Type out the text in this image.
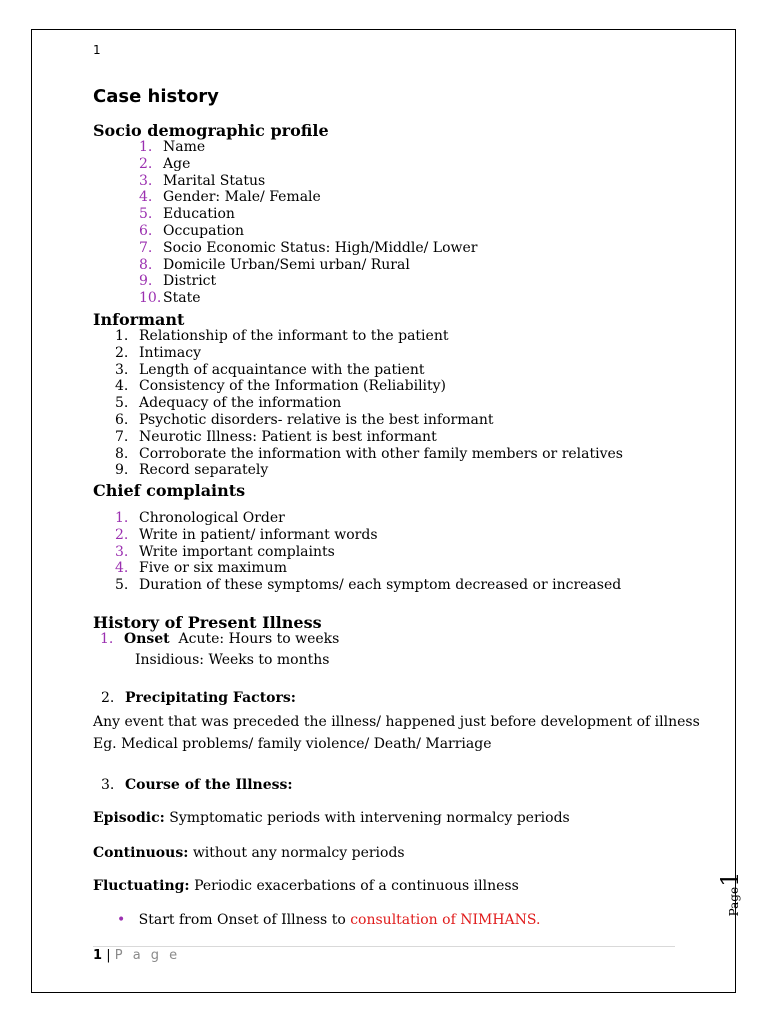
1
Case history
Socio demographic profile
1. Name
2. Age
3. Marital Status
4. Gender: Male/ Female
5. Education
6. Occupation
7. Socio Economic Status: High/Middle/ Lower
8. Domicile Urban/Semi urban/ Rural
9. District
10. State
Informant
1. Relationship of the informant to the patient
2. Intimacy
3. Length of acquaintance with the patient
4. Consistency of the Information (Reliability)
5. Adequacy of the information
6. Psychotic disorders- relative is the best informant
7. Neurotic Illness: Patient is best informant
8. Corroborate the information with other family members or relatives
9. Record separately
Chief complaints
1. Chronological Order
2. Write in patient/ informant words
3. Write important complaints
4. Five or six maximum
5. Duration of these symptoms/ each symptom decreased or increased
History of Present Illness
1. Onset Acute: Hours to weeks
Insidious: Weeks to months
2. Precipitating Factors:
Any event that was preceded the illness/ happened just before development of illness
Eg. Medical problems/ family violence/ Death/ Marriage
3. Course of the Illness:
Episodic: Symptomatic periods with intervening normalcy periods
Continuous: without any normalcy periods
Fluctuating: Periodic exacerbations of a continuous illness
• Start from Onset of Illness to consultation of NIMHANS.
Page1
1 | P a g e
